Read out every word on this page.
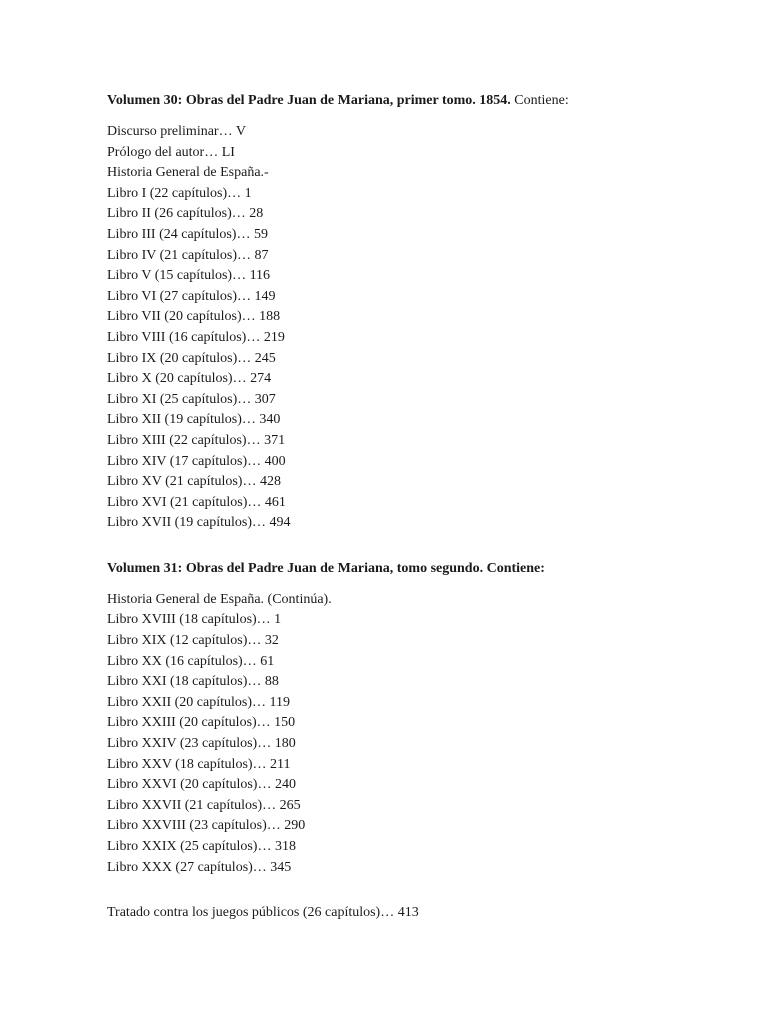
Volumen 30: Obras del Padre Juan de Mariana, primer tomo. 1854. Contiene:

Discurso preliminar… V
Prólogo del autor… LI
Historia General de España.-
Libro I (22 capítulos)… 1
Libro II (26 capítulos)… 28
Libro III (24 capítulos)… 59
Libro IV (21 capítulos)… 87
Libro V (15 capítulos)… 116
Libro VI (27 capítulos)… 149
Libro VII (20 capítulos)… 188
Libro VIII (16 capítulos)… 219
Libro IX (20 capítulos)… 245
Libro X (20 capítulos)… 274
Libro XI (25 capítulos)… 307
Libro XII (19 capítulos)… 340
Libro XIII (22 capítulos)… 371
Libro XIV (17 capítulos)… 400
Libro XV (21 capítulos)… 428
Libro XVI (21 capítulos)… 461
Libro XVII (19 capítulos)… 494

Volumen 31: Obras del Padre Juan de Mariana, tomo segundo. Contiene:

Historia General de España. (Continúa).
Libro XVIII (18 capítulos)… 1
Libro XIX (12 capítulos)… 32
Libro XX (16 capítulos)… 61
Libro XXI (18 capítulos)… 88
Libro XXII (20 capítulos)… 119
Libro XXIII (20 capítulos)… 150
Libro XXIV (23 capítulos)… 180
Libro XXV (18 capítulos)… 211
Libro XXVI (20 capítulos)… 240
Libro XXVII (21 capítulos)… 265
Libro XXVIII (23 capítulos)… 290
Libro XXIX (25 capítulos)… 318
Libro XXX (27 capítulos)… 345

Tratado contra los juegos públicos (26 capítulos)… 413
